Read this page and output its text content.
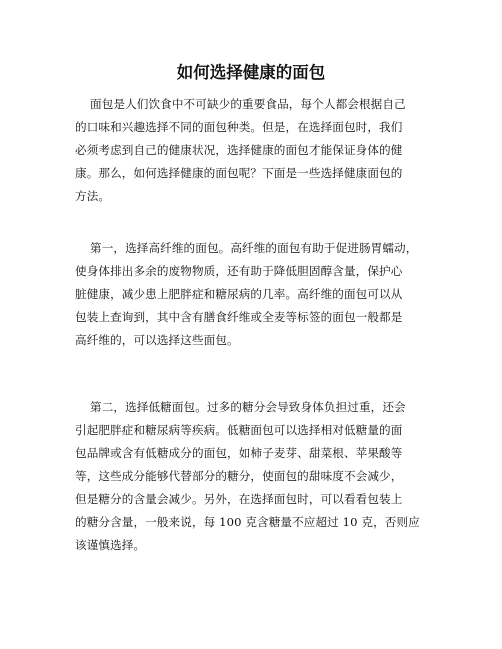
如何选择健康的面包
面包是人们饮食中不可缺少的重要食品，每个人都会根据自己
的口味和兴趣选择不同的面包种类。但是，在选择面包时，我们
必须考虑到自己的健康状况，选择健康的面包才能保证身体的健
康。那么，如何选择健康的面包呢？下面是一些选择健康面包的
方法。
第一，选择高纤维的面包。高纤维的面包有助于促进肠胃蠕动，
使身体排出多余的废物物质，还有助于降低胆固醇含量，保护心
脏健康，减少患上肥胖症和糖尿病的几率。高纤维的面包可以从
包装上查询到，其中含有膳食纤维或全麦等标签的面包一般都是
高纤维的，可以选择这些面包。
第二，选择低糖面包。过多的糖分会导致身体负担过重，还会
引起肥胖症和糖尿病等疾病。低糖面包可以选择相对低糖量的面
包品牌或含有低糖成分的面包，如柿子麦芽、甜菜根、苹果酸等
等，这些成分能够代替部分的糖分，使面包的甜味度不会减少，
但是糖分的含量会减少。另外，在选择面包时，可以看看包装上
的糖分含量，一般来说，每 100 克含糖量不应超过 10 克，否则应
该谨慎选择。
